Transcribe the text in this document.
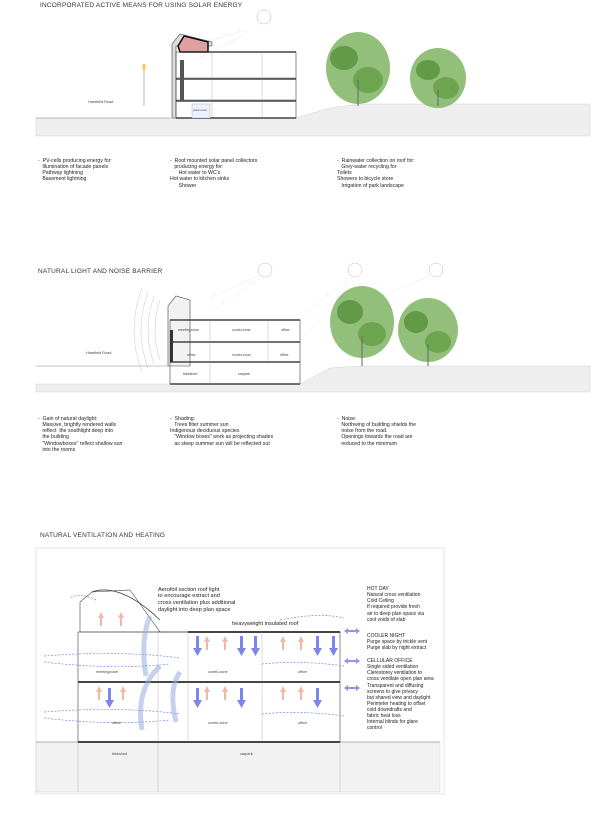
INCORPORATED ACTIVE MEANS FOR USING SOLAR ENERGY
Harefield Road
plant room

-  PV-cells producing energy for:
Illumination of facade panels
Pathway lightning
Basement lightning

-  Roof mounted solar panel collectors
producing energy for:
Hot water to WC's
Hot water to kitchen sinks
Shower

-  Rainwater collection on roof for:
Grey-water recycling for
Toilets
Showers to bicycle store
Irrigation of park landscape

NATURAL LIGHT AND NOISE BARRIER
Harefield Road
meetingroom	combi-zone	office
office	combi-zone	office
bikeshed	carpark

-  Gain of natural daylight:
Massive, brightly rendered walls
reflect  the southlight deep into
the building
"Windowboxes" reflect shallow sun
into the rooms

-  Shading:
Trees filter summer sun
Indigenous deciduous species
"Window boxes" work as projecting shades
as steep summer sun will be reflected out

-  Noise:
Northwing of building shields the
noise from the road.
Openings towards the road are
reduced to the minimum

NATURAL VENTILATION AND HEATING

Aerofoil section roof light
to encourage extract and
cross ventilation plus additional
daylight into deep plan space

heavyweight insulated roof
meetingroom	combi-zone	office
office	combi-zone	office
bikeshed	carpark

HOT DAY
Natural cross ventilation
Cold Ceiling
If required provide fresh
air to deep plan space via
cool voids of slab

COOLER NIGHT
Purge space by trickle vent
Purge slab by night extract

CELLULAR OFFICE
Single sided ventilation
Clerestorey ventilation to
cross ventilate open plan area
Transparent and diffusing
screens to give privacy
but shared view and daylight
Perimeter heating to offset
cold downdrafts and
fabric heat loss
Internal blinds for glare
control
